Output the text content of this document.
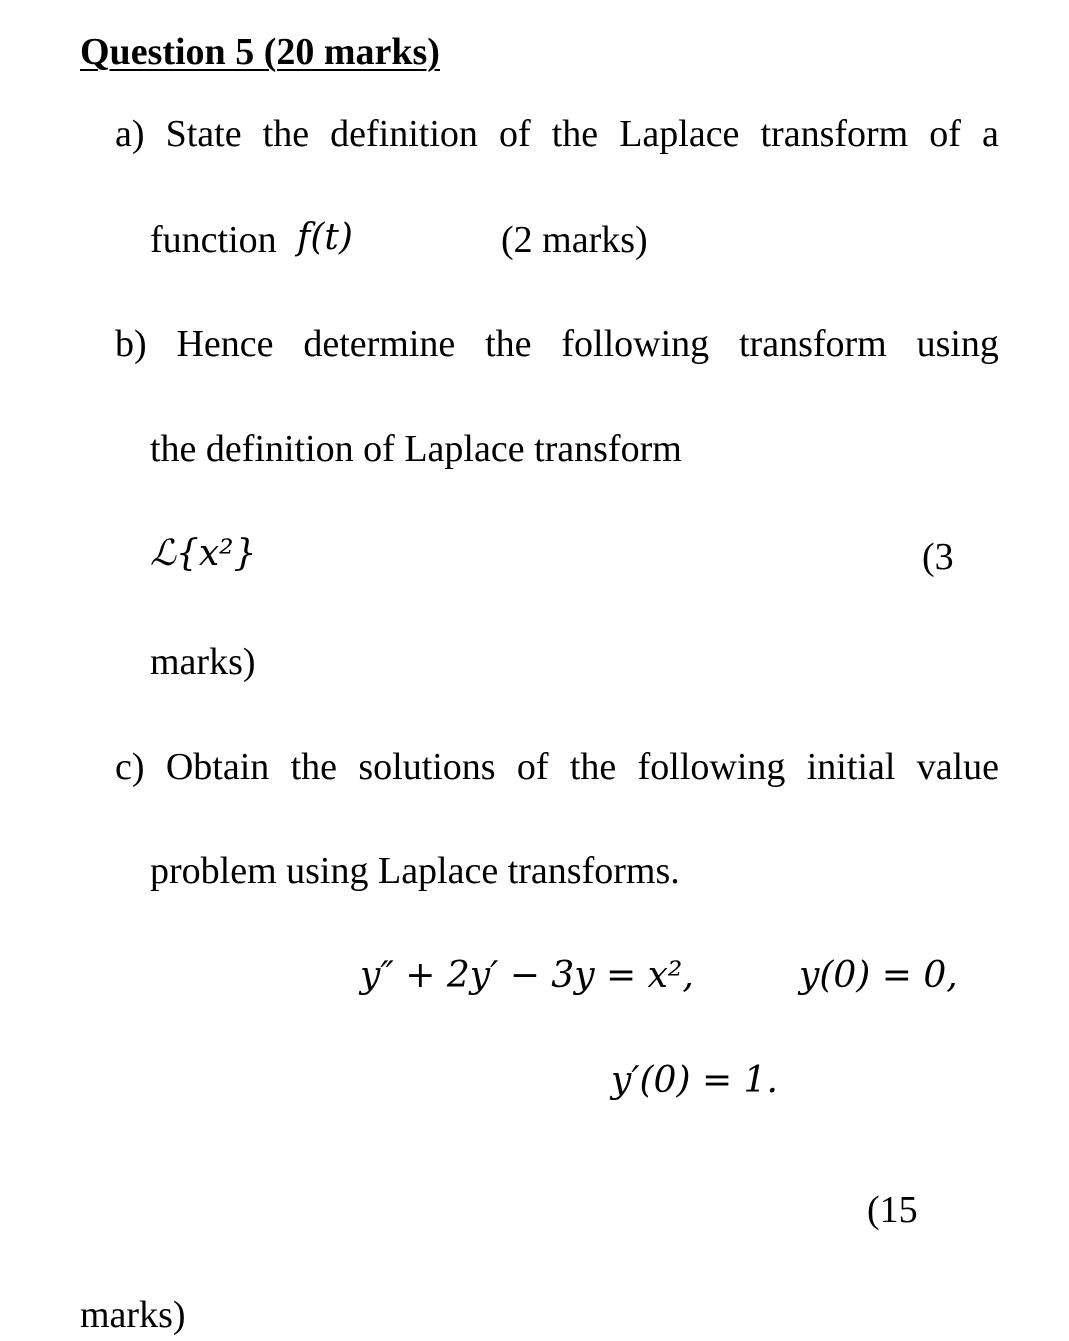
Question 5 (20 marks)
a) State the definition of the Laplace transform of a
function f(t)	(2 marks)
b) Hence determine the following transform using
the definition of Laplace transform
ℒ{x²}	(3
marks)
c) Obtain the solutions of the following initial value
problem using Laplace transforms.
y″ + 2y′ − 3y = x²,	y(0) = 0,
y′(0) = 1.
(15
marks)
